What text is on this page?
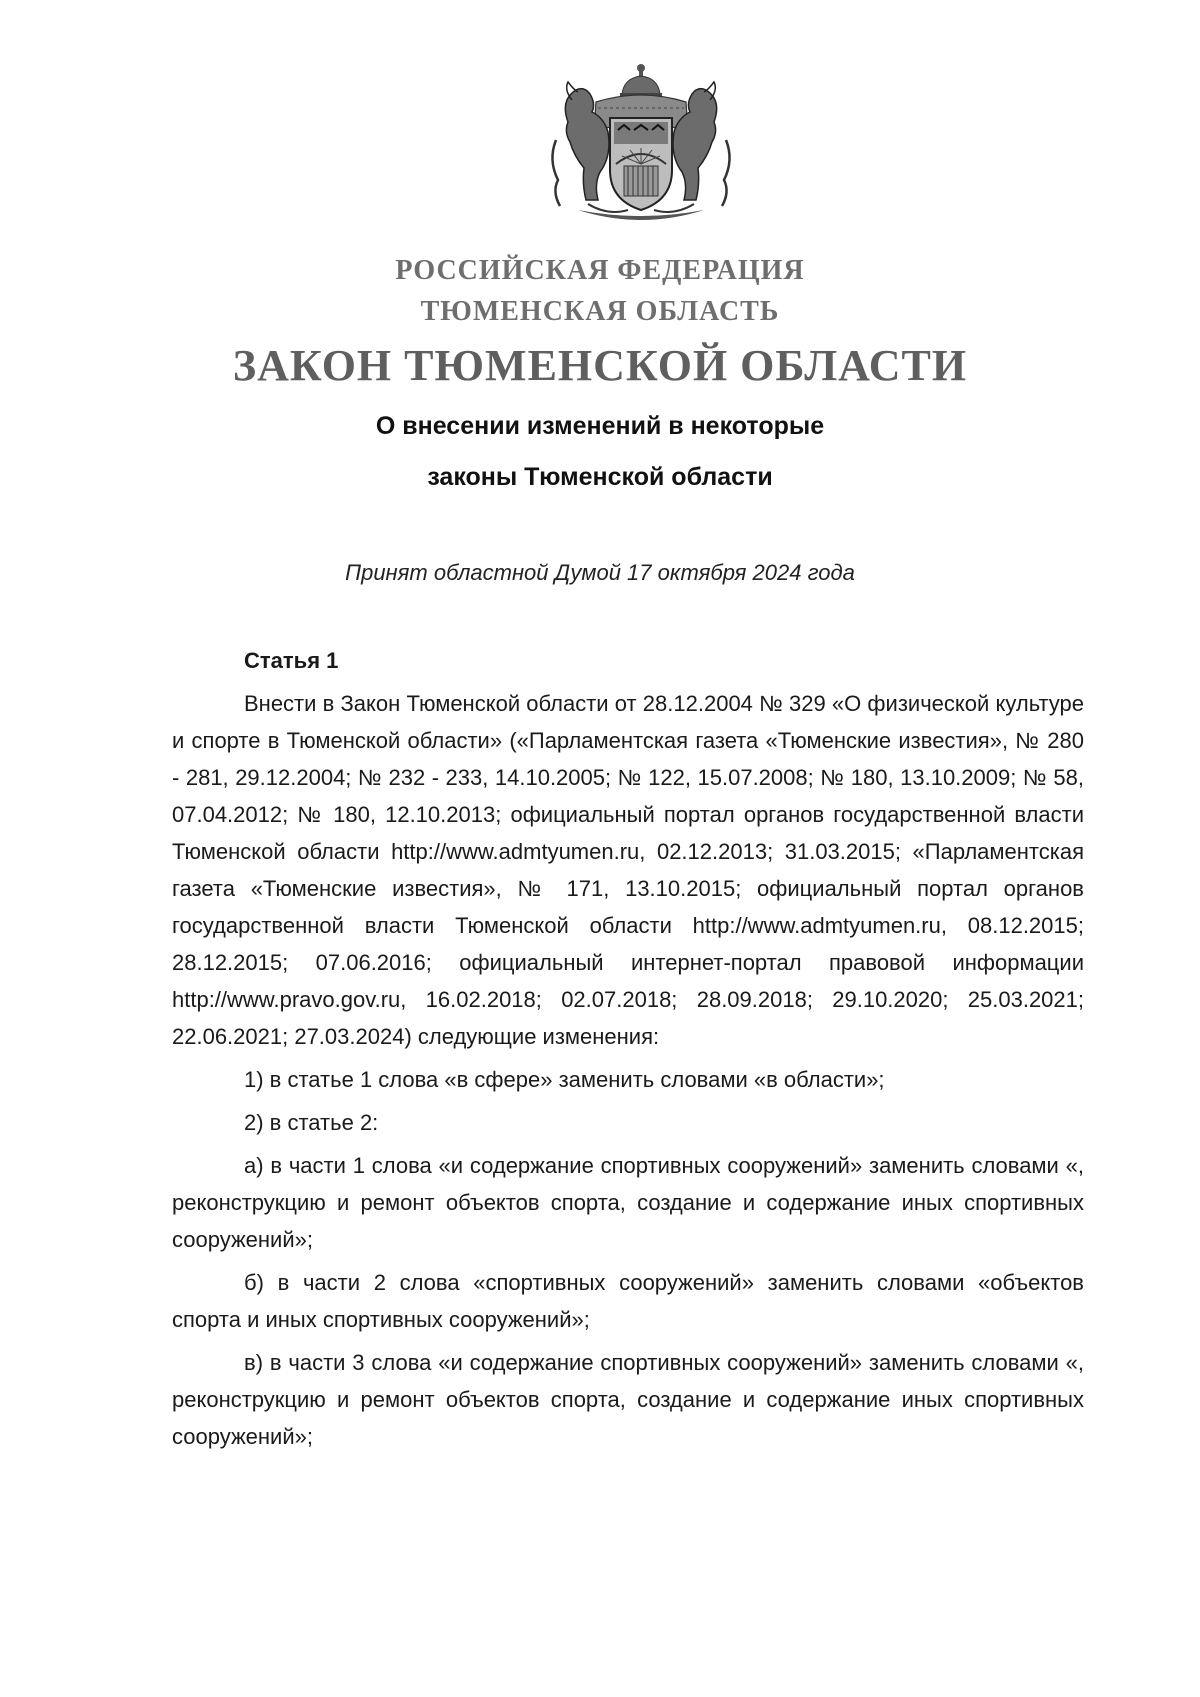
РОССИЙСКАЯ ФЕДЕРАЦИЯ
ТЮМЕНСКАЯ ОБЛАСТЬ
ЗАКОН ТЮМЕНСКОЙ ОБЛАСТИ
О внесении изменений в некоторые
законы Тюменской области
Принят областной Думой 17 октября 2024 года

Статья 1

Внести в Закон Тюменской области от 28.12.2004 № 329 «О физической культуре и спорте в Тюменской области» («Парламентская газета «Тюменские известия», № 280 - 281, 29.12.2004; № 232 - 233, 14.10.2005; № 122, 15.07.2008; № 180, 13.10.2009; № 58, 07.04.2012; № 180, 12.10.2013; официальный портал органов государственной власти Тюменской области http://www.admtyumen.ru, 02.12.2013; 31.03.2015; «Парламентская газета «Тюменские известия», № 171, 13.10.2015; официальный портал органов государственной власти Тюменской области http://www.admtyumen.ru, 08.12.2015; 28.12.2015; 07.06.2016; официальный интернет-портал правовой информации http://www.pravo.gov.ru, 16.02.2018; 02.07.2018; 28.09.2018; 29.10.2020; 25.03.2021; 22.06.2021; 27.03.2024) следующие изменения:

1) в статье 1 слова «в сфере» заменить словами «в области»;

2) в статье 2:

а) в части 1 слова «и содержание спортивных сооружений» заменить словами «, реконструкцию и ремонт объектов спорта, создание и содержание иных спортивных сооружений»;

б) в части 2 слова «спортивных сооружений» заменить словами «объектов спорта и иных спортивных сооружений»;

в) в части 3 слова «и содержание спортивных сооружений» заменить словами «, реконструкцию и ремонт объектов спорта, создание и содержание иных спортивных сооружений»;
